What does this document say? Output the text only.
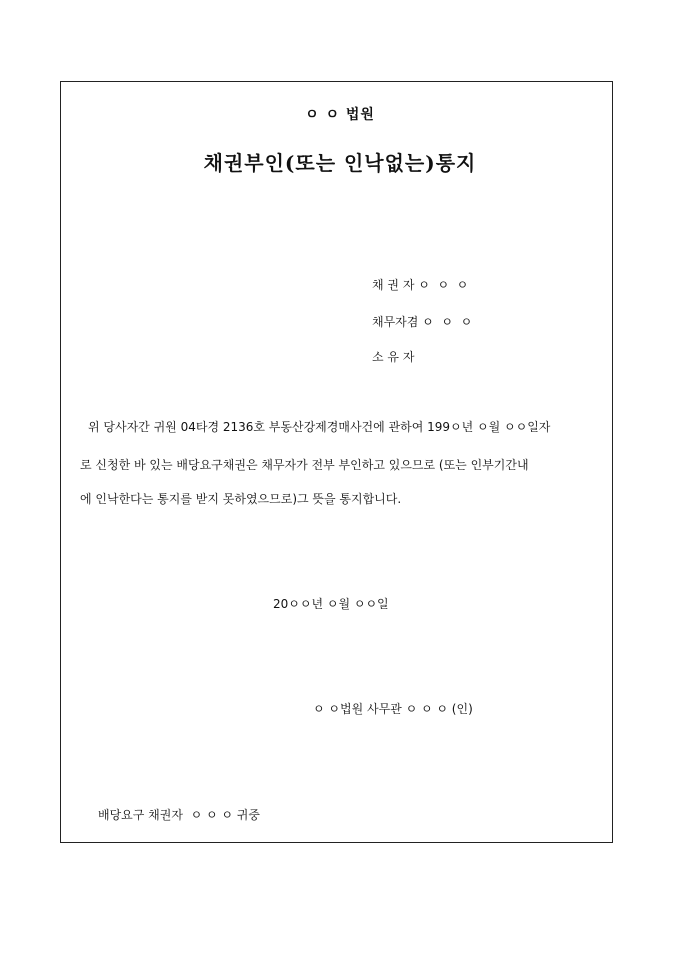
ㅇ ㅇ 법원
채권부인(또는 인낙없는)통지
채 권 자 ㅇ  ㅇ  ㅇ
채무자겸 ㅇ  ㅇ  ㅇ
소 유 자
위 당사자간 귀원 04타경 2136호 부동산강제경매사건에 관하여 199ㅇ년 ㅇ월 ㅇㅇ일자
로 신청한 바 있는 배당요구채권은 채무자가 전부 부인하고 있으므로 (또는 인부기간내
에 인낙한다는 통지를 받지 못하였으므로)그 뜻을 통지합니다.
20ㅇㅇ년 ㅇ월 ㅇㅇ일
ㅇ ㅇ법원 사무관 ㅇ ㅇ ㅇ (인)
배당요구 채권자  ㅇ ㅇ ㅇ 귀중
